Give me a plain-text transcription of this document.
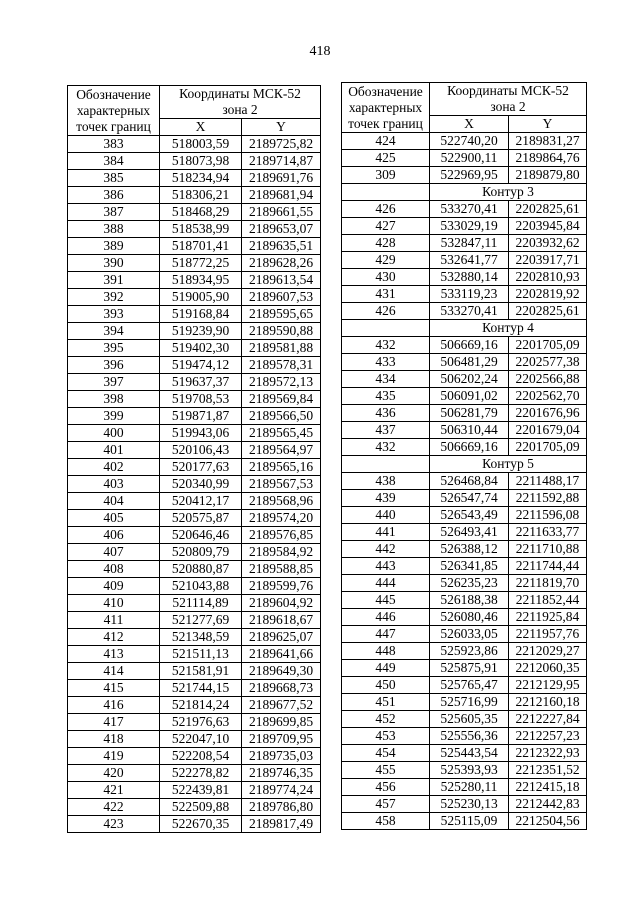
418
Обозначение
характерных
точек границ	Координаты МСК-52
зона 2	
	X	Y
383	518003,59	2189725,82
384	518073,98	2189714,87
385	518234,94	2189691,76
386	518306,21	2189681,94
387	518468,29	2189661,55
388	518538,99	2189653,07
389	518701,41	2189635,51
390	518772,25	2189628,26
391	518934,95	2189613,54
392	519005,90	2189607,53
393	519168,84	2189595,65
394	519239,90	2189590,88
395	519402,30	2189581,88
396	519474,12	2189578,31
397	519637,37	2189572,13
398	519708,53	2189569,84
399	519871,87	2189566,50
400	519943,06	2189565,45
401	520106,43	2189564,97
402	520177,63	2189565,16
403	520340,99	2189567,53
404	520412,17	2189568,96
405	520575,87	2189574,20
406	520646,46	2189576,85
407	520809,79	2189584,92
408	520880,87	2189588,85
409	521043,88	2189599,76
410	521114,89	2189604,92
411	521277,69	2189618,67
412	521348,59	2189625,07
413	521511,13	2189641,66
414	521581,91	2189649,30
415	521744,15	2189668,73
416	521814,24	2189677,52
417	521976,63	2189699,85
418	522047,10	2189709,95
419	522208,54	2189735,03
420	522278,82	2189746,35
421	522439,81	2189774,24
422	522509,88	2189786,80
423	522670,35	2189817,49
Обозначение
характерных
точек границ	Координаты МСК-52
зона 2	
	X	Y
424	522740,20	2189831,27
425	522900,11	2189864,76
309	522969,95	2189879,80
	Контур 3	
426	533270,41	2202825,61
427	533029,19	2203945,84
428	532847,11	2203932,62
429	532641,77	2203917,71
430	532880,14	2202810,93
431	533119,23	2202819,92
426	533270,41	2202825,61
	Контур 4	
432	506669,16	2201705,09
433	506481,29	2202577,38
434	506202,24	2202566,88
435	506091,02	2202562,70
436	506281,79	2201676,96
437	506310,44	2201679,04
432	506669,16	2201705,09
	Контур 5	
438	526468,84	2211488,17
439	526547,74	2211592,88
440	526543,49	2211596,08
441	526493,41	2211633,77
442	526388,12	2211710,88
443	526341,85	2211744,44
444	526235,23	2211819,70
445	526188,38	2211852,44
446	526080,46	2211925,84
447	526033,05	2211957,76
448	525923,86	2212029,27
449	525875,91	2212060,35
450	525765,47	2212129,95
451	525716,99	2212160,18
452	525605,35	2212227,84
453	525556,36	2212257,23
454	525443,54	2212322,93
455	525393,93	2212351,52
456	525280,11	2212415,18
457	525230,13	2212442,83
458	525115,09	2212504,56
